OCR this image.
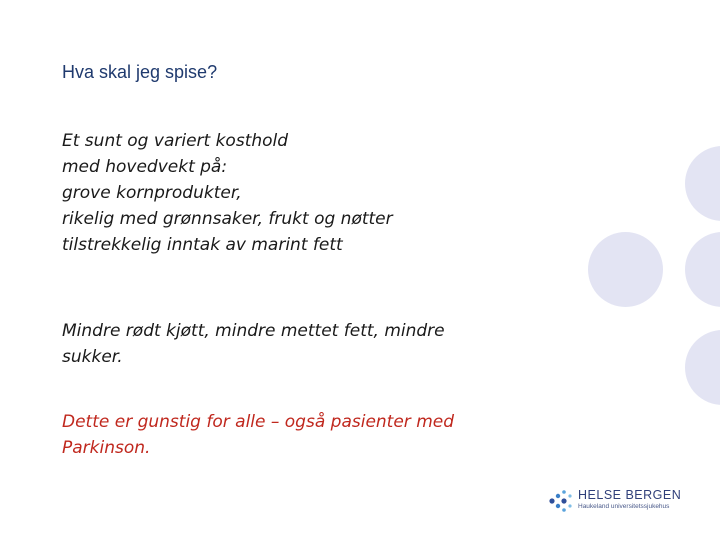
Hva skal jeg spise?
Et sunt og variert kosthold
med hovedvekt på:
grove kornprodukter,
rikelig med grønnsaker, frukt og nøtter
tilstrekkelig inntak av marint fett
Mindre rødt kjøtt, mindre mettet fett, mindre sukker.
Dette er gunstig for alle – også pasienter med Parkinson.
HELSE BERGEN
Haukeland universitetssjukehus
